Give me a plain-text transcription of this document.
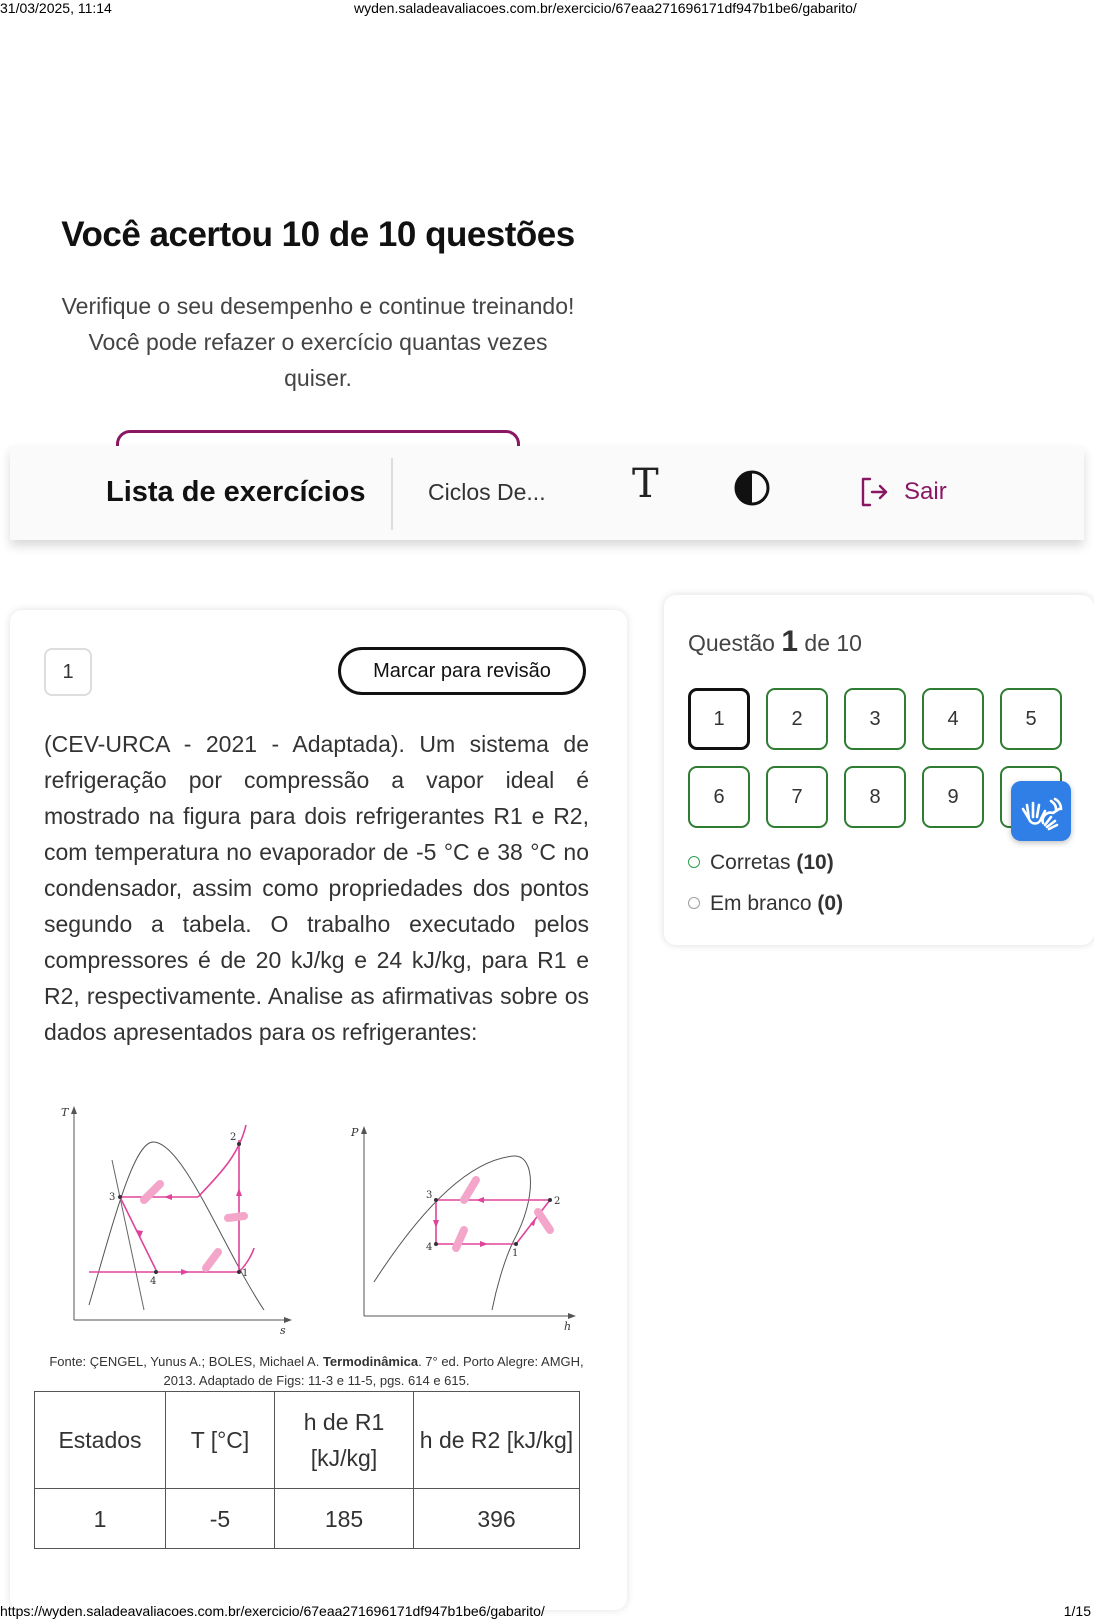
31/03/2025, 11:14	wyden.saladeavaliacoes.com.br/exercicio/67eaa271696171df947b1be6/gabarito/
Você acertou 10 de 10 questões

Verifique o seu desempenho e continue treinando! Você pode refazer o exercício quantas vezes quiser.

Lista de exercícios	Ciclos De... T	Sair
1	Marcar para revisão

(CEV-URCA - 2021 - Adaptada). Um sistema de refrigeração por compressão a vapor ideal é mostrado na figura para dois refrigerantes R1 e R2, com temperatura no evaporador de -5 °C e 38 °C no condensador, assim como propriedades dos pontos segundo a tabela. O trabalho executado pelos compressores é de 20 kJ/kg e 24 kJ/kg, para R1 e R2, respectivamente. Analise as afirmativas sobre os dados apresentados para os refrigerantes:

T
s
1
2
3
4
P
h
1
2
3
4

Fonte: ÇENGEL, Yunus A.; BOLES, Michael A. Termodinâmica. 7° ed. Porto Alegre: AMGH, 2013. Adaptado de Figs: 11-3 e 11-5, pgs. 614 e 615.

Estados	T [°C]	h de R1 [kJ/kg]	h de R2 [kJ/kg]
1	-5	185	396
Questão 1 de 10
1	2	3	4	5
6	7	8	9
Corretas (10)
Em branco (0)
https://wyden.saladeavaliacoes.com.br/exercicio/67eaa271696171df947b1be6/gabarito/	1/15
